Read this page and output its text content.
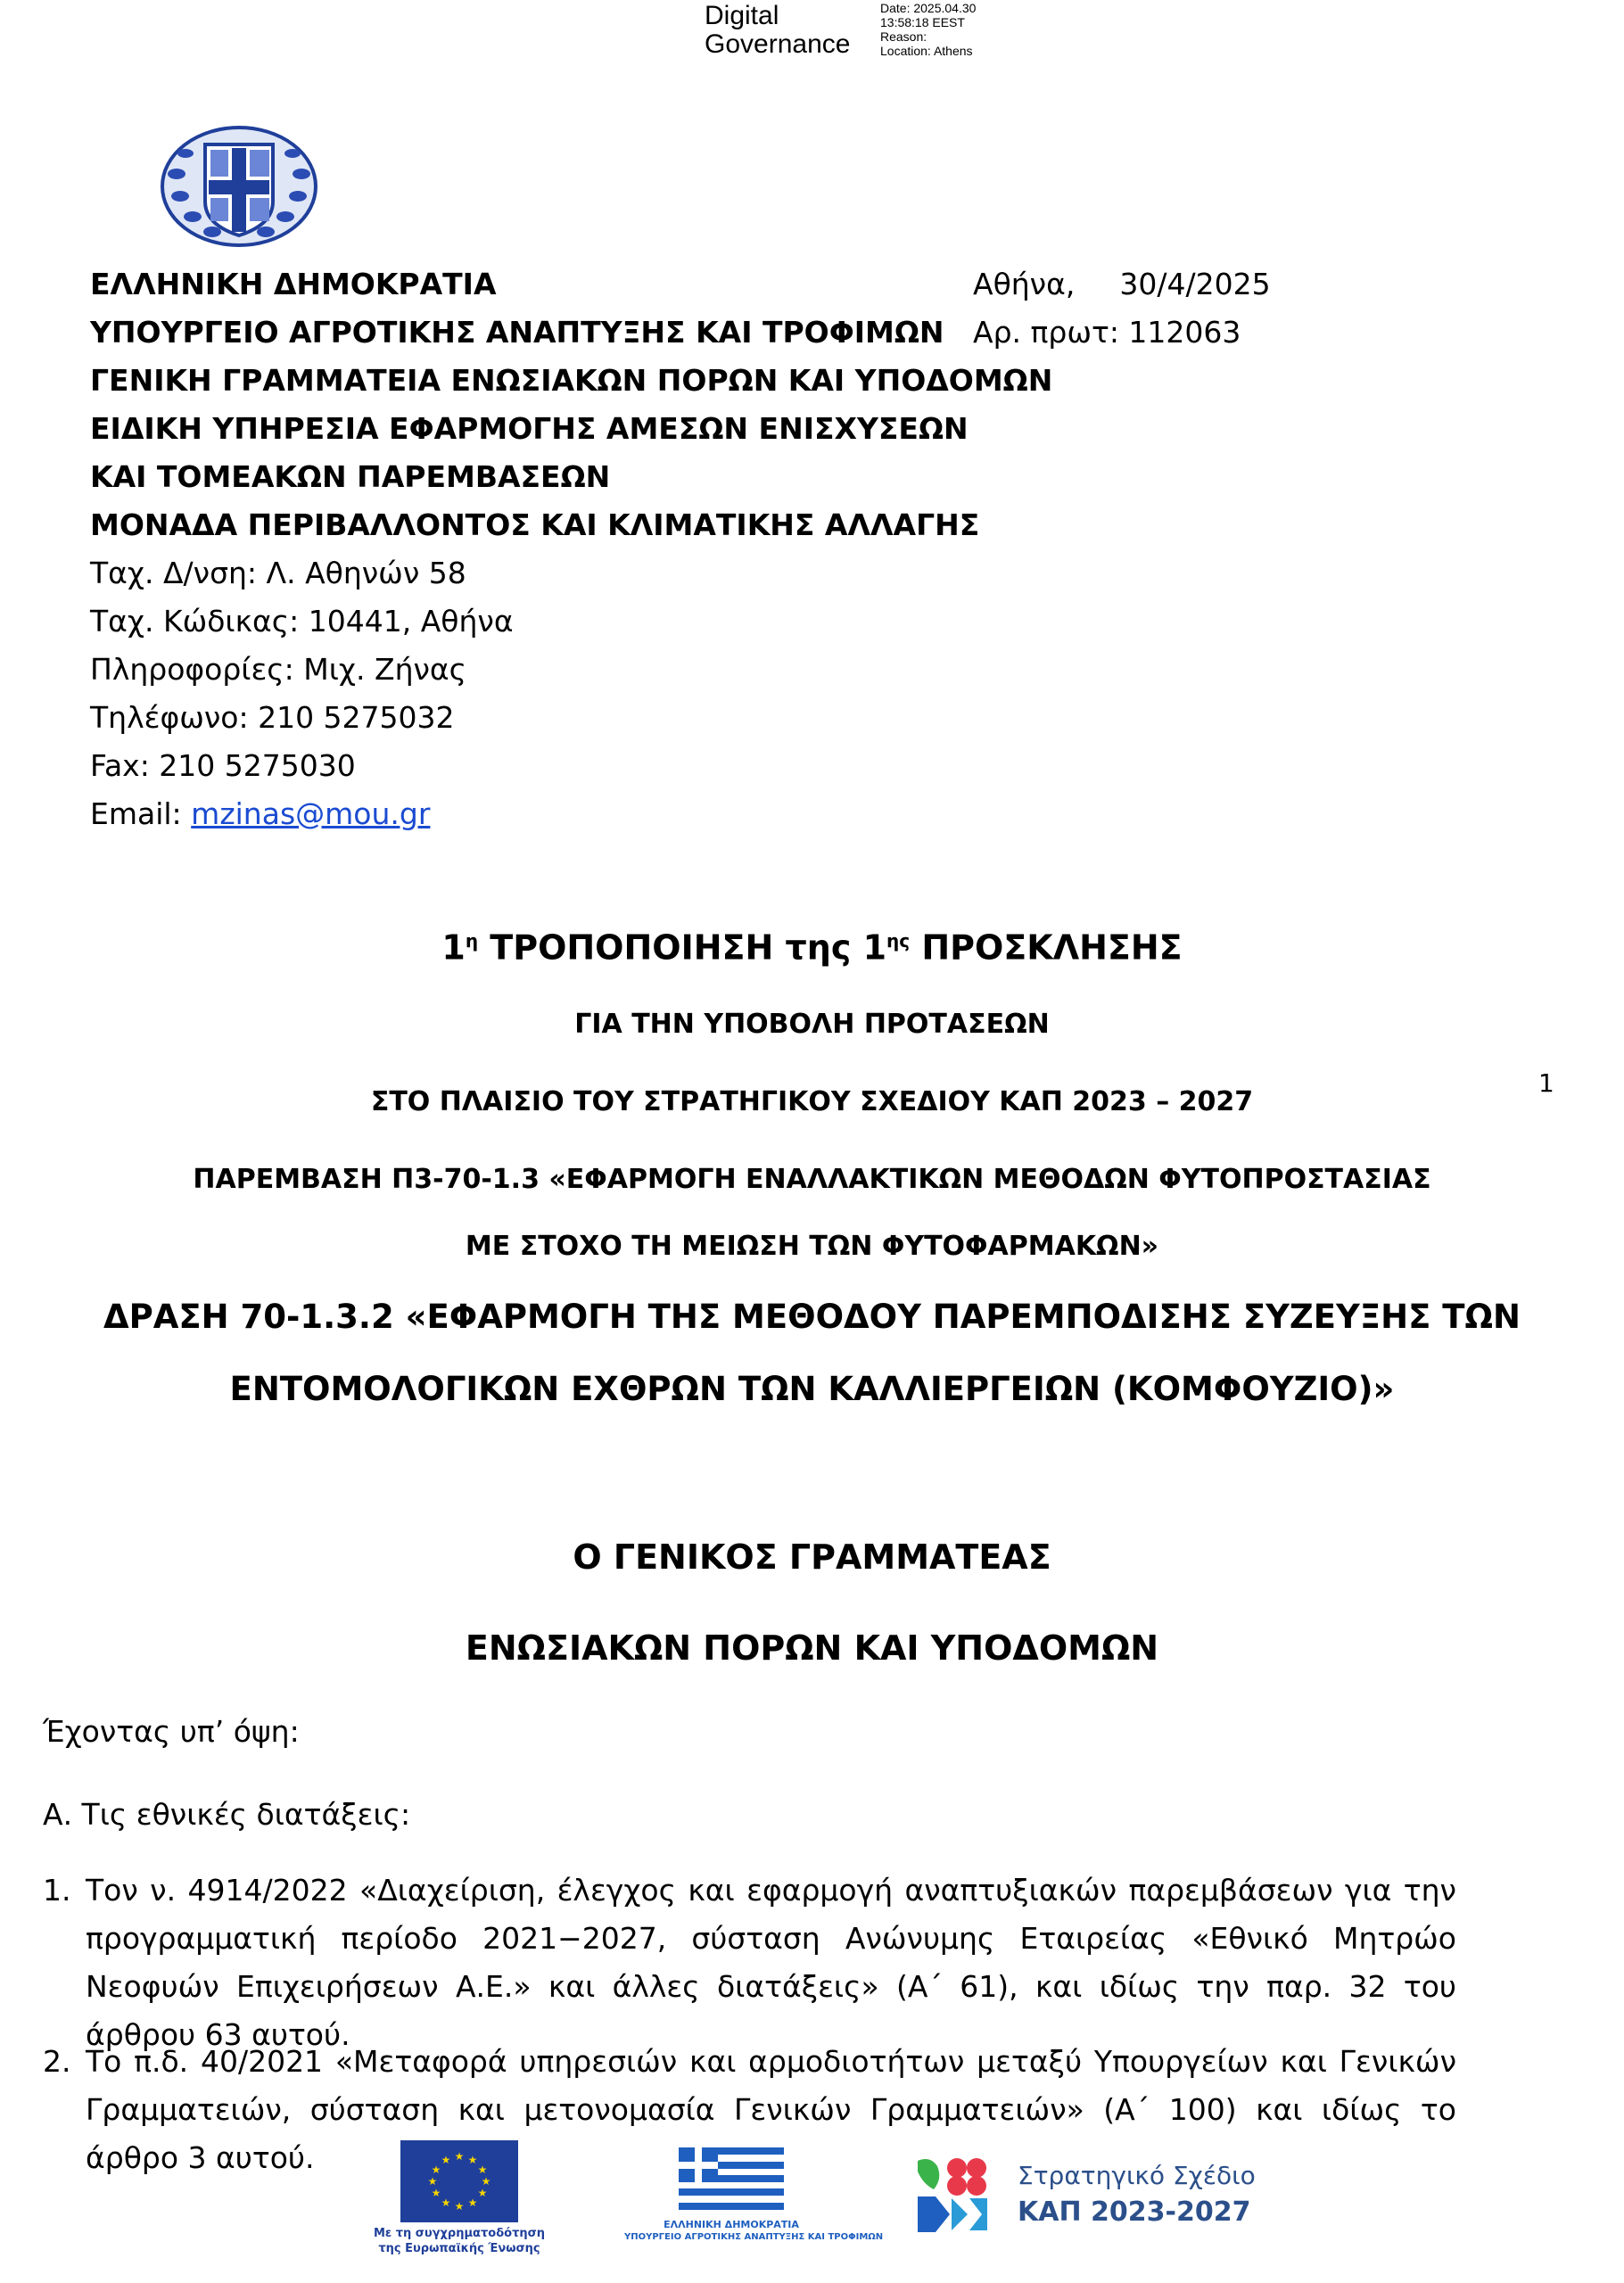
Digital
Governance
Date: 2025.04.30
13:58:18 EEST
Reason:
Location: Athens
ΕΛΛΗΝΙΚΗ ΔΗΜΟΚΡΑΤΙΑ
ΥΠΟΥΡΓΕΙΟ ΑΓΡΟΤΙΚΗΣ ΑΝΑΠΤΥΞΗΣ ΚΑΙ ΤΡΟΦΙΜΩΝ
ΓΕΝΙΚΗ ΓΡΑΜΜΑΤΕΙΑ ΕΝΩΣΙΑΚΩΝ ΠΟΡΩΝ ΚΑΙ ΥΠΟΔΟΜΩΝ
ΕΙΔΙΚΗ ΥΠΗΡΕΣΙΑ ΕΦΑΡΜΟΓΗΣ ΑΜΕΣΩΝ ΕΝΙΣΧΥΣΕΩΝ
ΚΑΙ ΤΟΜΕΑΚΩΝ ΠΑΡΕΜΒΑΣΕΩΝ
ΜΟΝΑΔΑ ΠΕΡΙΒΑΛΛΟΝΤΟΣ ΚΑΙ ΚΛΙΜΑΤΙΚΗΣ ΑΛΛΑΓΗΣ
Ταχ. Δ/νση: Λ. Αθηνών 58
Ταχ. Κώδικας: 10441, Αθήνα
Πληροφορίες: Μιχ. Ζήνας
Τηλέφωνο: 210 5275032
Fax: 210 5275030
Email: mzinas@mou.gr
Αθήνα, 30/4/2025
Αρ. πρωτ: 112063
$1^\eta$ ΤΡΟΠΟΠΟΙΗΣΗ της $1^{\eta\varsigma}$ ΠΡΟΣΚΛΗΣΗΣ
ΓΙΑ ΤΗΝ ΥΠΟΒΟΛΗ ΠΡΟΤΑΣΕΩΝ
ΣΤΟ ΠΛΑΙΣΙΟ ΤΟΥ ΣΤΡΑΤΗΓΙΚΟΥ ΣΧΕΔΙΟΥ ΚΑΠ 2023 – 2027
ΠΑΡΕΜΒΑΣΗ Π3-70-1.3 «ΕΦΑΡΜΟΓΗ ΕΝΑΛΛΑΚΤΙΚΩΝ ΜΕΘΟΔΩΝ ΦΥΤΟΠΡΟΣΤΑΣΙΑΣ
ΜΕ ΣΤΟΧΟ ΤΗ ΜΕΙΩΣΗ ΤΩΝ ΦΥΤΟΦΑΡΜΑΚΩΝ»
ΔΡΑΣΗ 70-1.3.2 «ΕΦΑΡΜΟΓΗ ΤΗΣ ΜΕΘΟΔΟΥ ΠΑΡΕΜΠΟΔΙΣΗΣ ΣΥΖΕΥΞΗΣ ΤΩΝ
ΕΝΤΟΜΟΛΟΓΙΚΩΝ ΕΧΘΡΩΝ ΤΩΝ ΚΑΛΛΙΕΡΓΕΙΩΝ (ΚΟΜΦΟΥΖΙΟ)»
Ο ΓΕΝΙΚΟΣ ΓΡΑΜΜΑΤΕΑΣ
ΕΝΩΣΙΑΚΩΝ ΠΟΡΩΝ ΚΑΙ ΥΠΟΔΟΜΩΝ
1
Έχοντας υπ’ όψη:
Α. Τις εθνικές διατάξεις:
1. Τον ν. 4914/2022 «Διαχείριση, έλεγχος και εφαρμογή αναπτυξιακών παρεμβάσεων για την προγραμματική περίοδο 2021−2027, σύσταση Ανώνυμης Εταιρείας «Εθνικό Μητρώο Νεοφυών Επιχειρήσεων Α.Ε.» και άλλες διατάξεις» (Α΄ 61), και ιδίως την παρ. 32 του άρθρου 63 αυτού.
2. Το π.δ. 40/2021 «Μεταφορά υπηρεσιών και αρμοδιοτήτων μεταξύ Υπουργείων και Γενικών Γραμματειών, σύσταση και μετονομασία Γενικών Γραμματειών» (Α΄ 100) και ιδίως το άρθρο 3 αυτού.	★ ★
★
★
★
★
★
★
★
★
★
★
Με τη συγχρηματοδότηση
της Ευρωπαϊκής Ένωσης
ΕΛΛΗΝΙΚΗ ΔΗΜΟΚΡΑΤΙΑ
ΥΠΟΥΡΓΕΙΟ ΑΓΡΟΤΙΚΗΣ ΑΝΑΠΤΥΞΗΣ ΚΑΙ ΤΡΟΦΙΜΩΝ
Στρατηγικό Σχέδιο
ΚΑΠ 2023-2027
